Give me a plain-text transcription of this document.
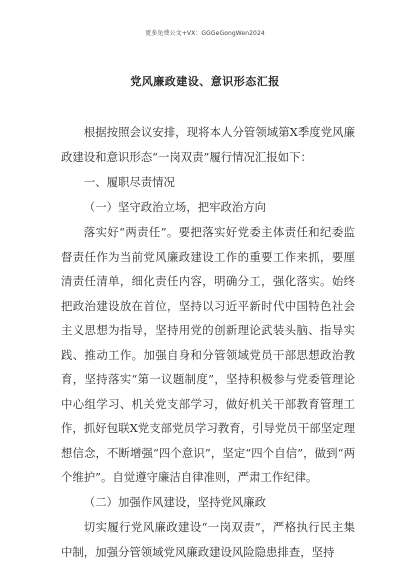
更多免费公文+VX：GGGeGongWen2024
党风廉政建设、意识形态汇报

根据按照会议安排，现将本人分管领域第X季度党风廉政建设和意识形态“一岗双责”履行情况汇报如下：

一、履职尽责情况

（一）坚守政治立场，把牢政治方向

落实好“两责任”。要把落实好党委主体责任和纪委监督责任作为当前党风廉政建设工作的重要工作来抓，要厘清责任清单，细化责任内容，明确分工，强化落实。始终把政治建设放在首位，坚持以习近平新时代中国特色社会主义思想为指导，坚持用党的创新理论武装头脑、指导实践、推动工作。加强自身和分管领域党员干部思想政治教育，坚持落实“第一议题制度”，坚持积极参与党委管理论中心组学习、机关党支部学习，做好机关干部教育管理工作，抓好包联X党支部党员学习教育，引导党员干部坚定理想信念，不断增强“四个意识”，坚定“四个自信”，做到“两个维护”。自觉遵守廉洁自律准则，严肃工作纪律。

（二）加强作风建设，坚持党风廉政

切实履行党风廉政建设“一岗双责”，严格执行民主集中制，加强分管领域党风廉政建设风险隐患排查，坚持
